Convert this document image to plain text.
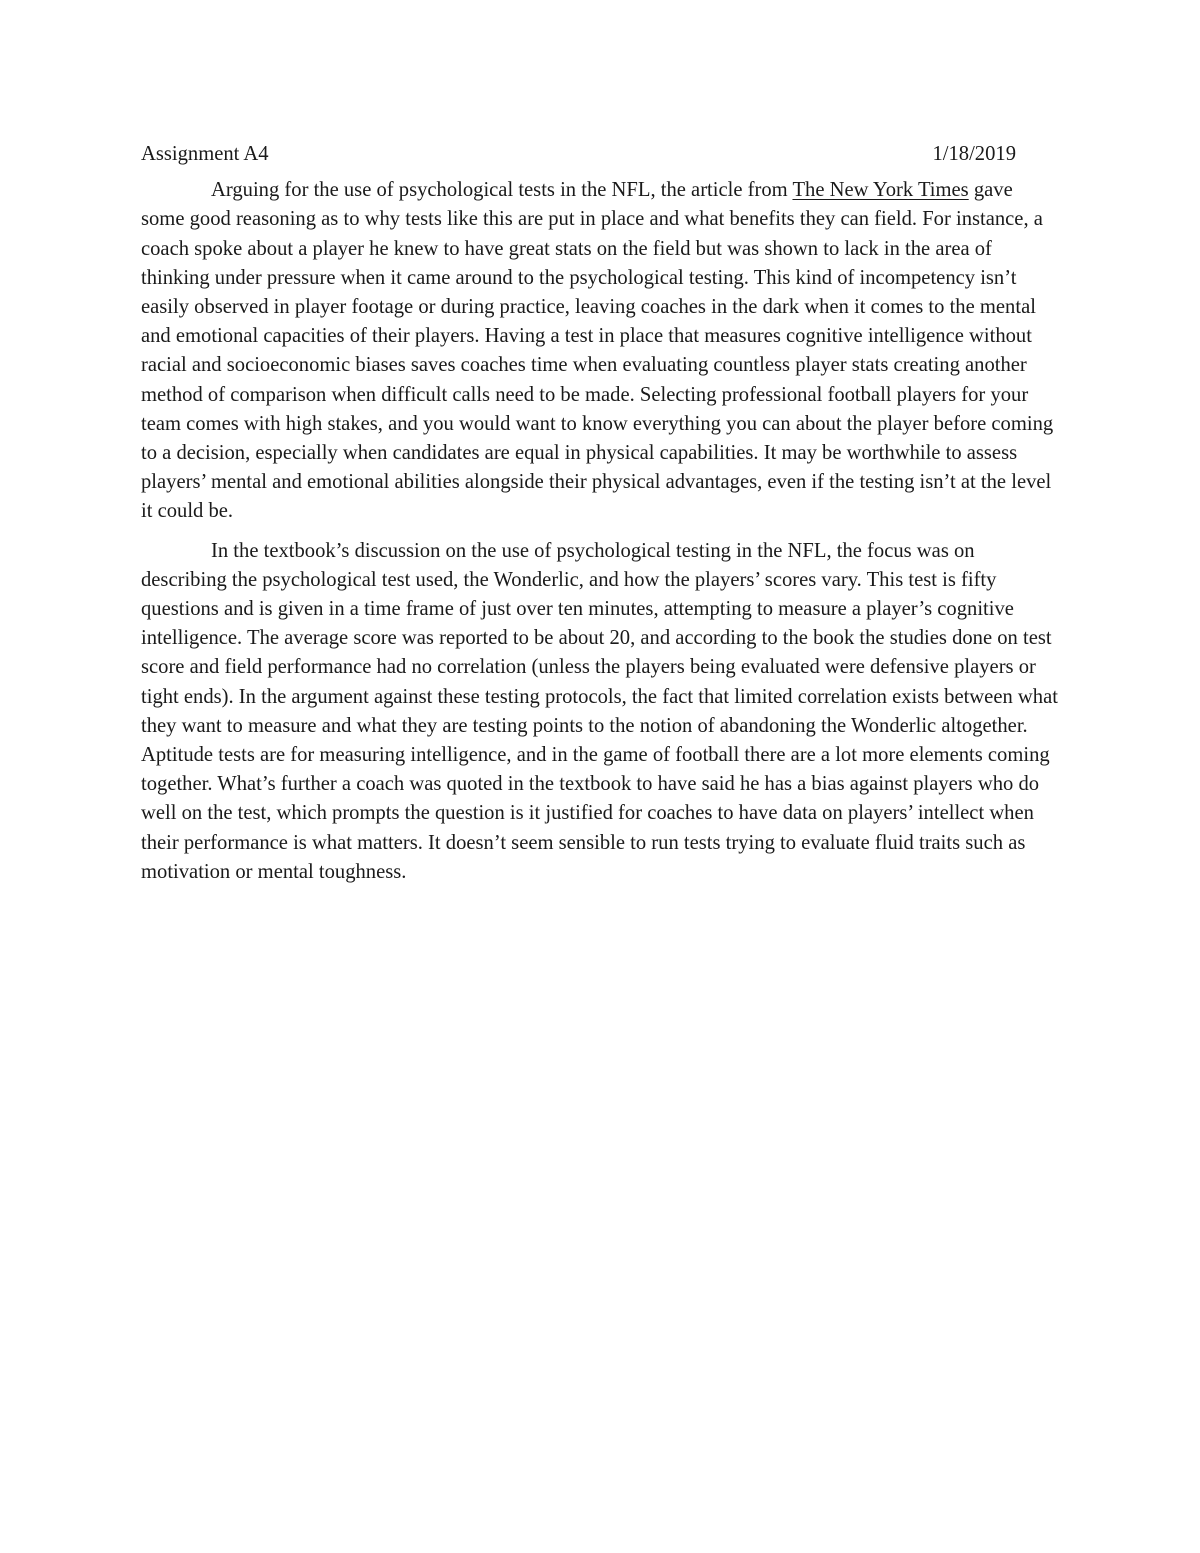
Assignment A4	1/18/2019

Arguing for the use of psychological tests in the NFL, the article from The New York Times gave some good reasoning as to why tests like this are put in place and what benefits they can field. For instance, a coach spoke about a player he knew to have great stats on the field but was shown to lack in the area of thinking under pressure when it came around to the psychological testing. This kind of incompetency isn’t easily observed in player footage or during practice, leaving coaches in the dark when it comes to the mental and emotional capacities of their players. Having a test in place that measures cognitive intelligence without racial and socioeconomic biases saves coaches time when evaluating countless player stats creating another method of comparison when difficult calls need to be made. Selecting professional football players for your team comes with high stakes, and you would want to know everything you can about the player before coming to a decision, especially when candidates are equal in physical capabilities. It may be worthwhile to assess players’ mental and emotional abilities alongside their physical advantages, even if the testing isn’t at the level it could be.

In the textbook’s discussion on the use of psychological testing in the NFL, the focus was on describing the psychological test used, the Wonderlic, and how the players’ scores vary. This test is fifty questions and is given in a time frame of just over ten minutes, attempting to measure a player’s cognitive intelligence. The average score was reported to be about 20, and according to the book the studies done on test score and field performance had no correlation (unless the players being evaluated were defensive players or tight ends). In the argument against these testing protocols, the fact that limited correlation exists between what they want to measure and what they are testing points to the notion of abandoning the Wonderlic altogether. Aptitude tests are for measuring intelligence, and in the game of football there are a lot more elements coming together. What’s further a coach was quoted in the textbook to have said he has a bias against players who do well on the test, which prompts the question is it justified for coaches to have data on players’ intellect when their performance is what matters. It doesn’t seem sensible to run tests trying to evaluate fluid traits such as motivation or mental toughness.
